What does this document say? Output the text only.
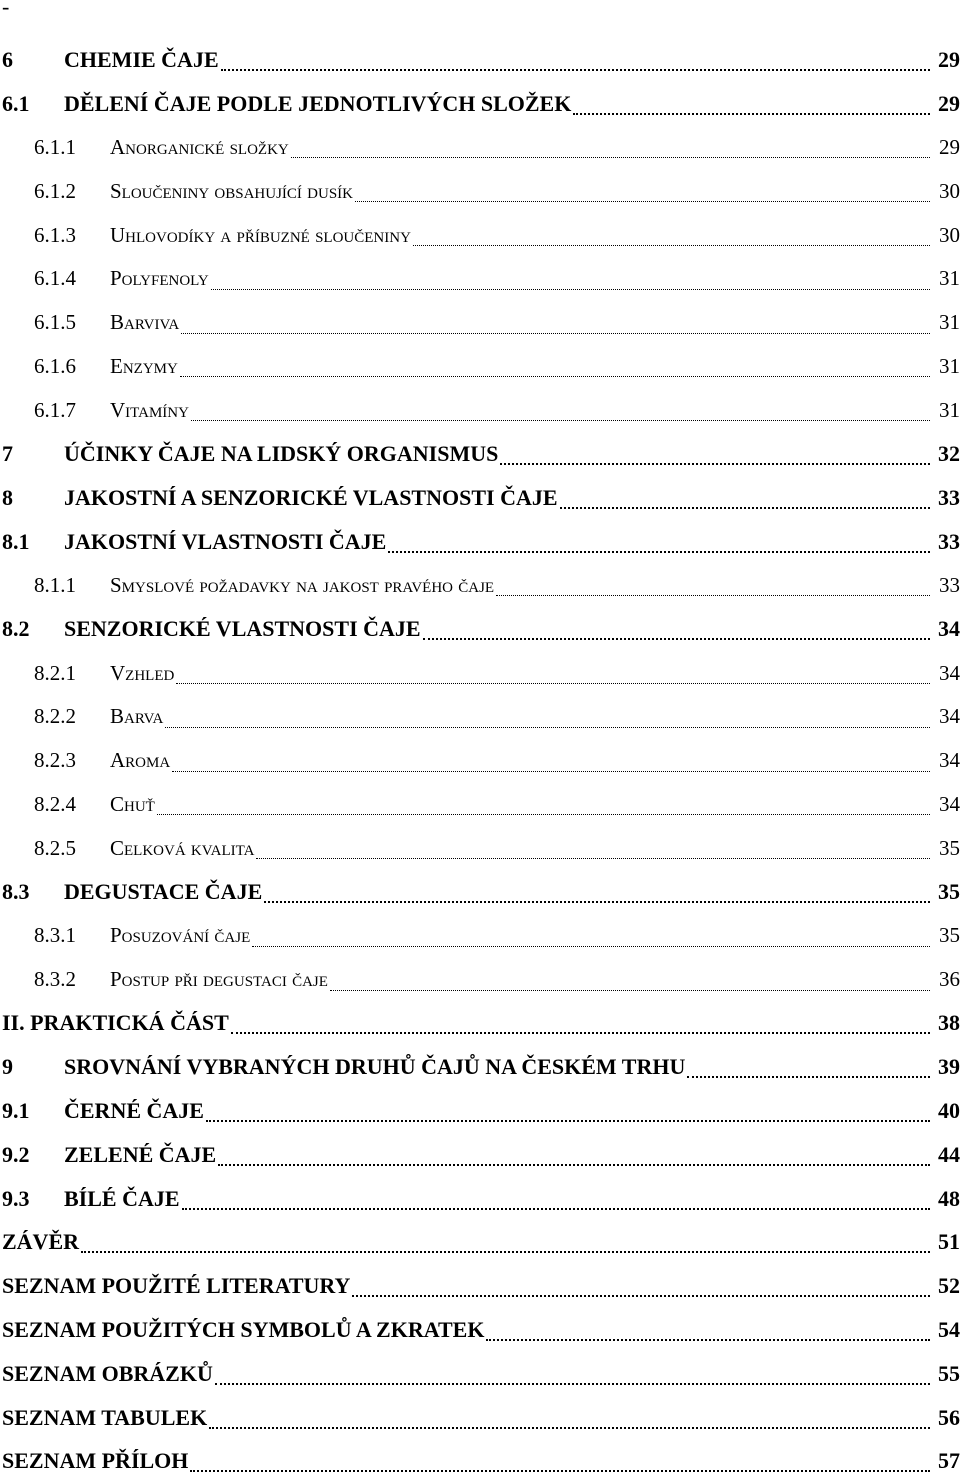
-
6	CHEMIE ČAJE	29
6.1	DĚLENÍ ČAJE PODLE JEDNOTLIVÝCH SLOŽEK	29
6.1.1	Anorganické složky	29
6.1.2	Sloučeniny obsahující dusík	30
6.1.3	Uhlovodíky a příbuzné sloučeniny	30
6.1.4	Polyfenoly	31
6.1.5	Barviva	31
6.1.6	Enzymy	31
6.1.7	Vitamíny	31
7	ÚČINKY ČAJE NA LIDSKÝ ORGANISMUS	32
8	JAKOSTNÍ A SENZORICKÉ VLASTNOSTI ČAJE	33
8.1	JAKOSTNÍ VLASTNOSTI ČAJE	33
8.1.1	Smyslové požadavky na jakost pravého čaje	33
8.2	SENZORICKÉ VLASTNOSTI ČAJE	34
8.2.1	Vzhled	34
8.2.2	Barva	34
8.2.3	Aroma	34
8.2.4	Chuť	34
8.2.5	Celková kvalita	35
8.3	DEGUSTACE ČAJE	35
8.3.1	Posuzování čaje	35
8.3.2	Postup při degustaci čaje	36
II. PRAKTICKÁ ČÁST	38
9	SROVNÁNÍ VYBRANÝCH DRUHŮ ČAJŮ NA ČESKÉM TRHU	39
9.1	ČERNÉ ČAJE	40
9.2	ZELENÉ ČAJE	44
9.3	BÍLÉ ČAJE	48
ZÁVĚR	51
SEZNAM POUŽITÉ LITERATURY	52
SEZNAM POUŽITÝCH SYMBOLŮ A ZKRATEK	54
SEZNAM OBRÁZKŮ	55
SEZNAM TABULEK	56
SEZNAM PŘÍLOH	57
